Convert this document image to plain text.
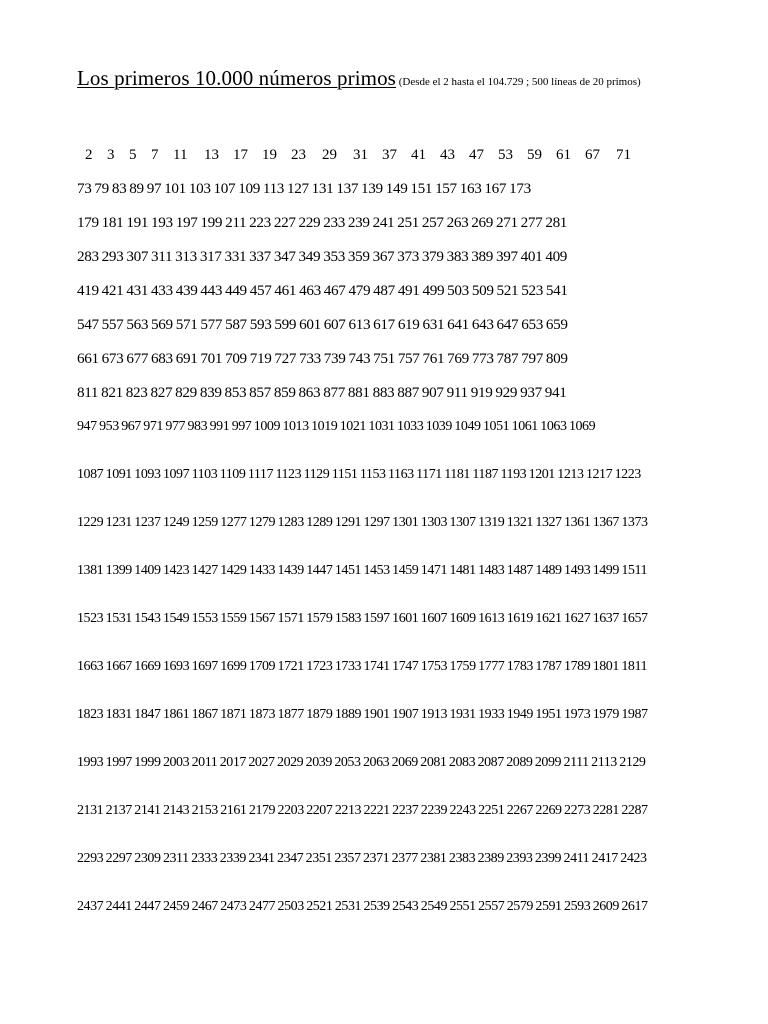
Los primeros 10.000 números primos (Desde el 2 hasta el 104.729 ; 500 líneas de 20 primos)
2 3 5 7 11	13 17 19 23	29	31 37 41 43 47 53 59 61 67	71
73 79 83 89 97 101 103 107 109 113 127 131 137 139 149 151 157 163 167 173
179 181 191 193 197 199 211 223 227 229 233 239 241 251 257 263 269 271 277 281
283 293 307 311 313 317 331 337 347 349 353 359 367 373 379 383 389 397 401 409
419 421 431 433 439 443 449 457 461 463 467 479 487 491 499 503 509 521 523 541
547 557 563 569 571 577 587 593 599 601 607 613 617 619 631 641 643 647 653 659
661 673 677 683 691 701 709 719 727 733 739 743 751 757 761 769 773 787 797 809
811 821 823 827 829 839 853 857 859 863 877 881 883 887 907 911 919 929 937 941
947 953 967 971 977 983 991 997 1009 1013 1019 1021 1031 1033 1039 1049 1051 1061 1063 1069
1087 1091 1093 1097 1103 1109 1117 1123 1129 1151 1153 1163 1171 1181 1187 1193 1201 1213 1217 1223
1229 1231 1237 1249 1259 1277 1279 1283 1289 1291 1297 1301 1303 1307 1319 1321 1327 1361 1367 1373
1381 1399 1409 1423 1427 1429 1433 1439 1447 1451 1453 1459 1471 1481 1483 1487 1489 1493 1499 1511
1523 1531 1543 1549 1553 1559 1567 1571 1579 1583 1597 1601 1607 1609 1613 1619 1621 1627 1637 1657
1663 1667 1669 1693 1697 1699 1709 1721 1723 1733 1741 1747 1753 1759 1777 1783 1787 1789 1801 1811
1823 1831 1847 1861 1867 1871 1873 1877 1879 1889 1901 1907 1913 1931 1933 1949 1951 1973 1979 1987
1993 1997 1999 2003 2011 2017 2027 2029 2039 2053 2063 2069 2081 2083 2087 2089 2099 2111 2113 2129
2131 2137 2141 2143 2153 2161 2179 2203 2207 2213 2221 2237 2239 2243 2251 2267 2269 2273 2281 2287
2293 2297 2309 2311 2333 2339 2341 2347 2351 2357 2371 2377 2381 2383 2389 2393 2399 2411 2417 2423
2437 2441 2447 2459 2467 2473 2477 2503 2521 2531 2539 2543 2549 2551 2557 2579 2591 2593 2609 2617
